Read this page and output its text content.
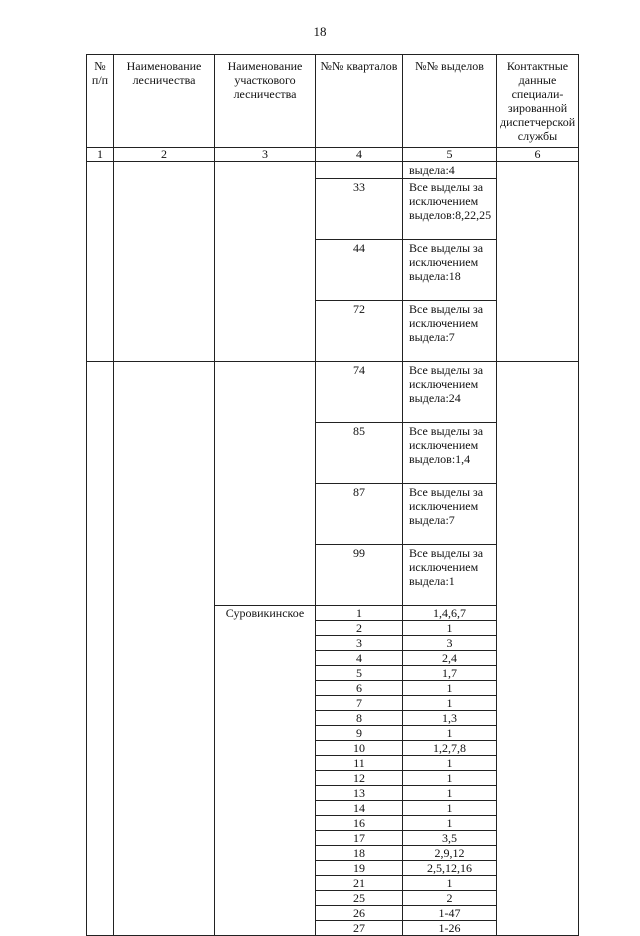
18
№ п/п	Наименование лесничества	Наименование участкового лесничества	№№ кварталов	№№ выделов	Контактные данные специали-зированной диспетчерской службы
1	2	3	4	5	6
				выдела:4	
			33	Все выделы за исключением выделов:8,22,25	
			44	Все выделы за исключением выдела:18	
			72	Все выделы за исключением выдела:7	
			74	Все выделы за исключением выдела:24	
			85	Все выделы за исключением выделов:1,4	
			87	Все выделы за исключением выдела:7	
			99	Все выделы за исключением выдела:1	
		Суровикинское	1	1,4,6,7	
			2	1	
			3	3	
			4	2,4	
			5	1,7	
			6	1	
			7	1	
			8	1,3	
			9	1	
			10	1,2,7,8	
			11	1	
			12	1	
			13	1	
			14	1	
			16	1	
			17	3,5	
			18	2,9,12	
			19	2,5,12,16	
			21	1	
			25	2	
			26	1-47	
			27	1-26	
